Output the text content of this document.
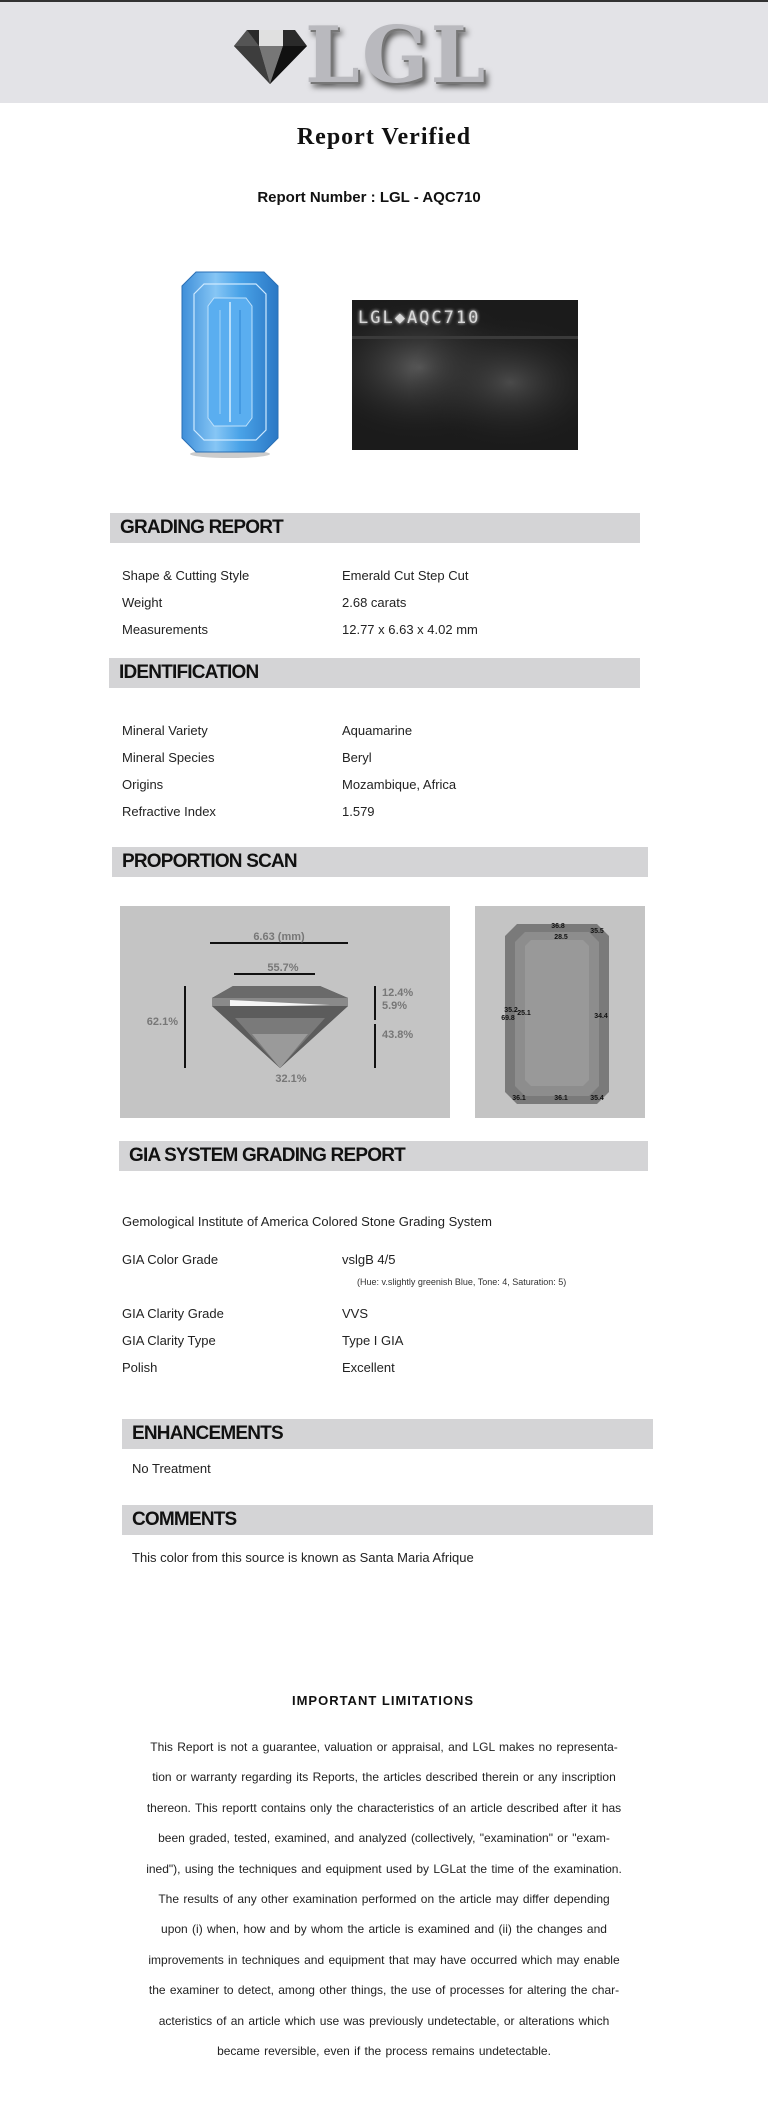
LGL
Report Verified
Report Number : LGL - AQC710
LGL◆AQC710
GRADING REPORT
Shape & Cutting Style	Emerald Cut Step Cut
Weight	2.68 carats
Measurements	12.77 x 6.63 x 4.02 mm
IDENTIFICATION
Mineral Variety	Aquamarine
Mineral Species	Beryl
Origins	Mozambique, Africa
Refractive Index	1.579
PROPORTION SCAN
6.63 (mm)
55.7%
62.1%
12.4%
5.9%
43.8%
32.1%
36.8
28.5
35.5
35.2
69.8
25.1	34.4
36.1	36.1	35.4
GIA SYSTEM GRADING REPORT
Gemological Institute of America Colored Stone Grading System
GIA Color Grade	vslgB 4/5
(Hue: v.slightly greenish Blue, Tone: 4, Saturation: 5)
GIA Clarity Grade	VVS
GIA Clarity Type	Type I GIA
Polish	Excellent
ENHANCEMENTS
No Treatment
COMMENTS
This color from this source is known as Santa Maria Afrique
IMPORTANT LIMITATIONS
This Report is not a guarantee, valuation or appraisal, and LGL makes no representa-
tion or warranty regarding its Reports, the articles described therein or any inscription
thereon. This reportt contains only the characteristics of an article described after it has
been graded, tested, examined, and analyzed (collectively, "examination" or "exam-
ined"), using the techniques and equipment used by LGLat the time of the examination.
The results of any other examination performed on the article may differ depending
upon (i) when, how and by whom the article is examined and (ii) the changes and
improvements in techniques and equipment that may have occurred which may enable
the examiner to detect, among other things, the use of processes for altering the char-
acteristics of an article which use was previously undetectable, or alterations which
became reversible, even if the process remains undetectable.
